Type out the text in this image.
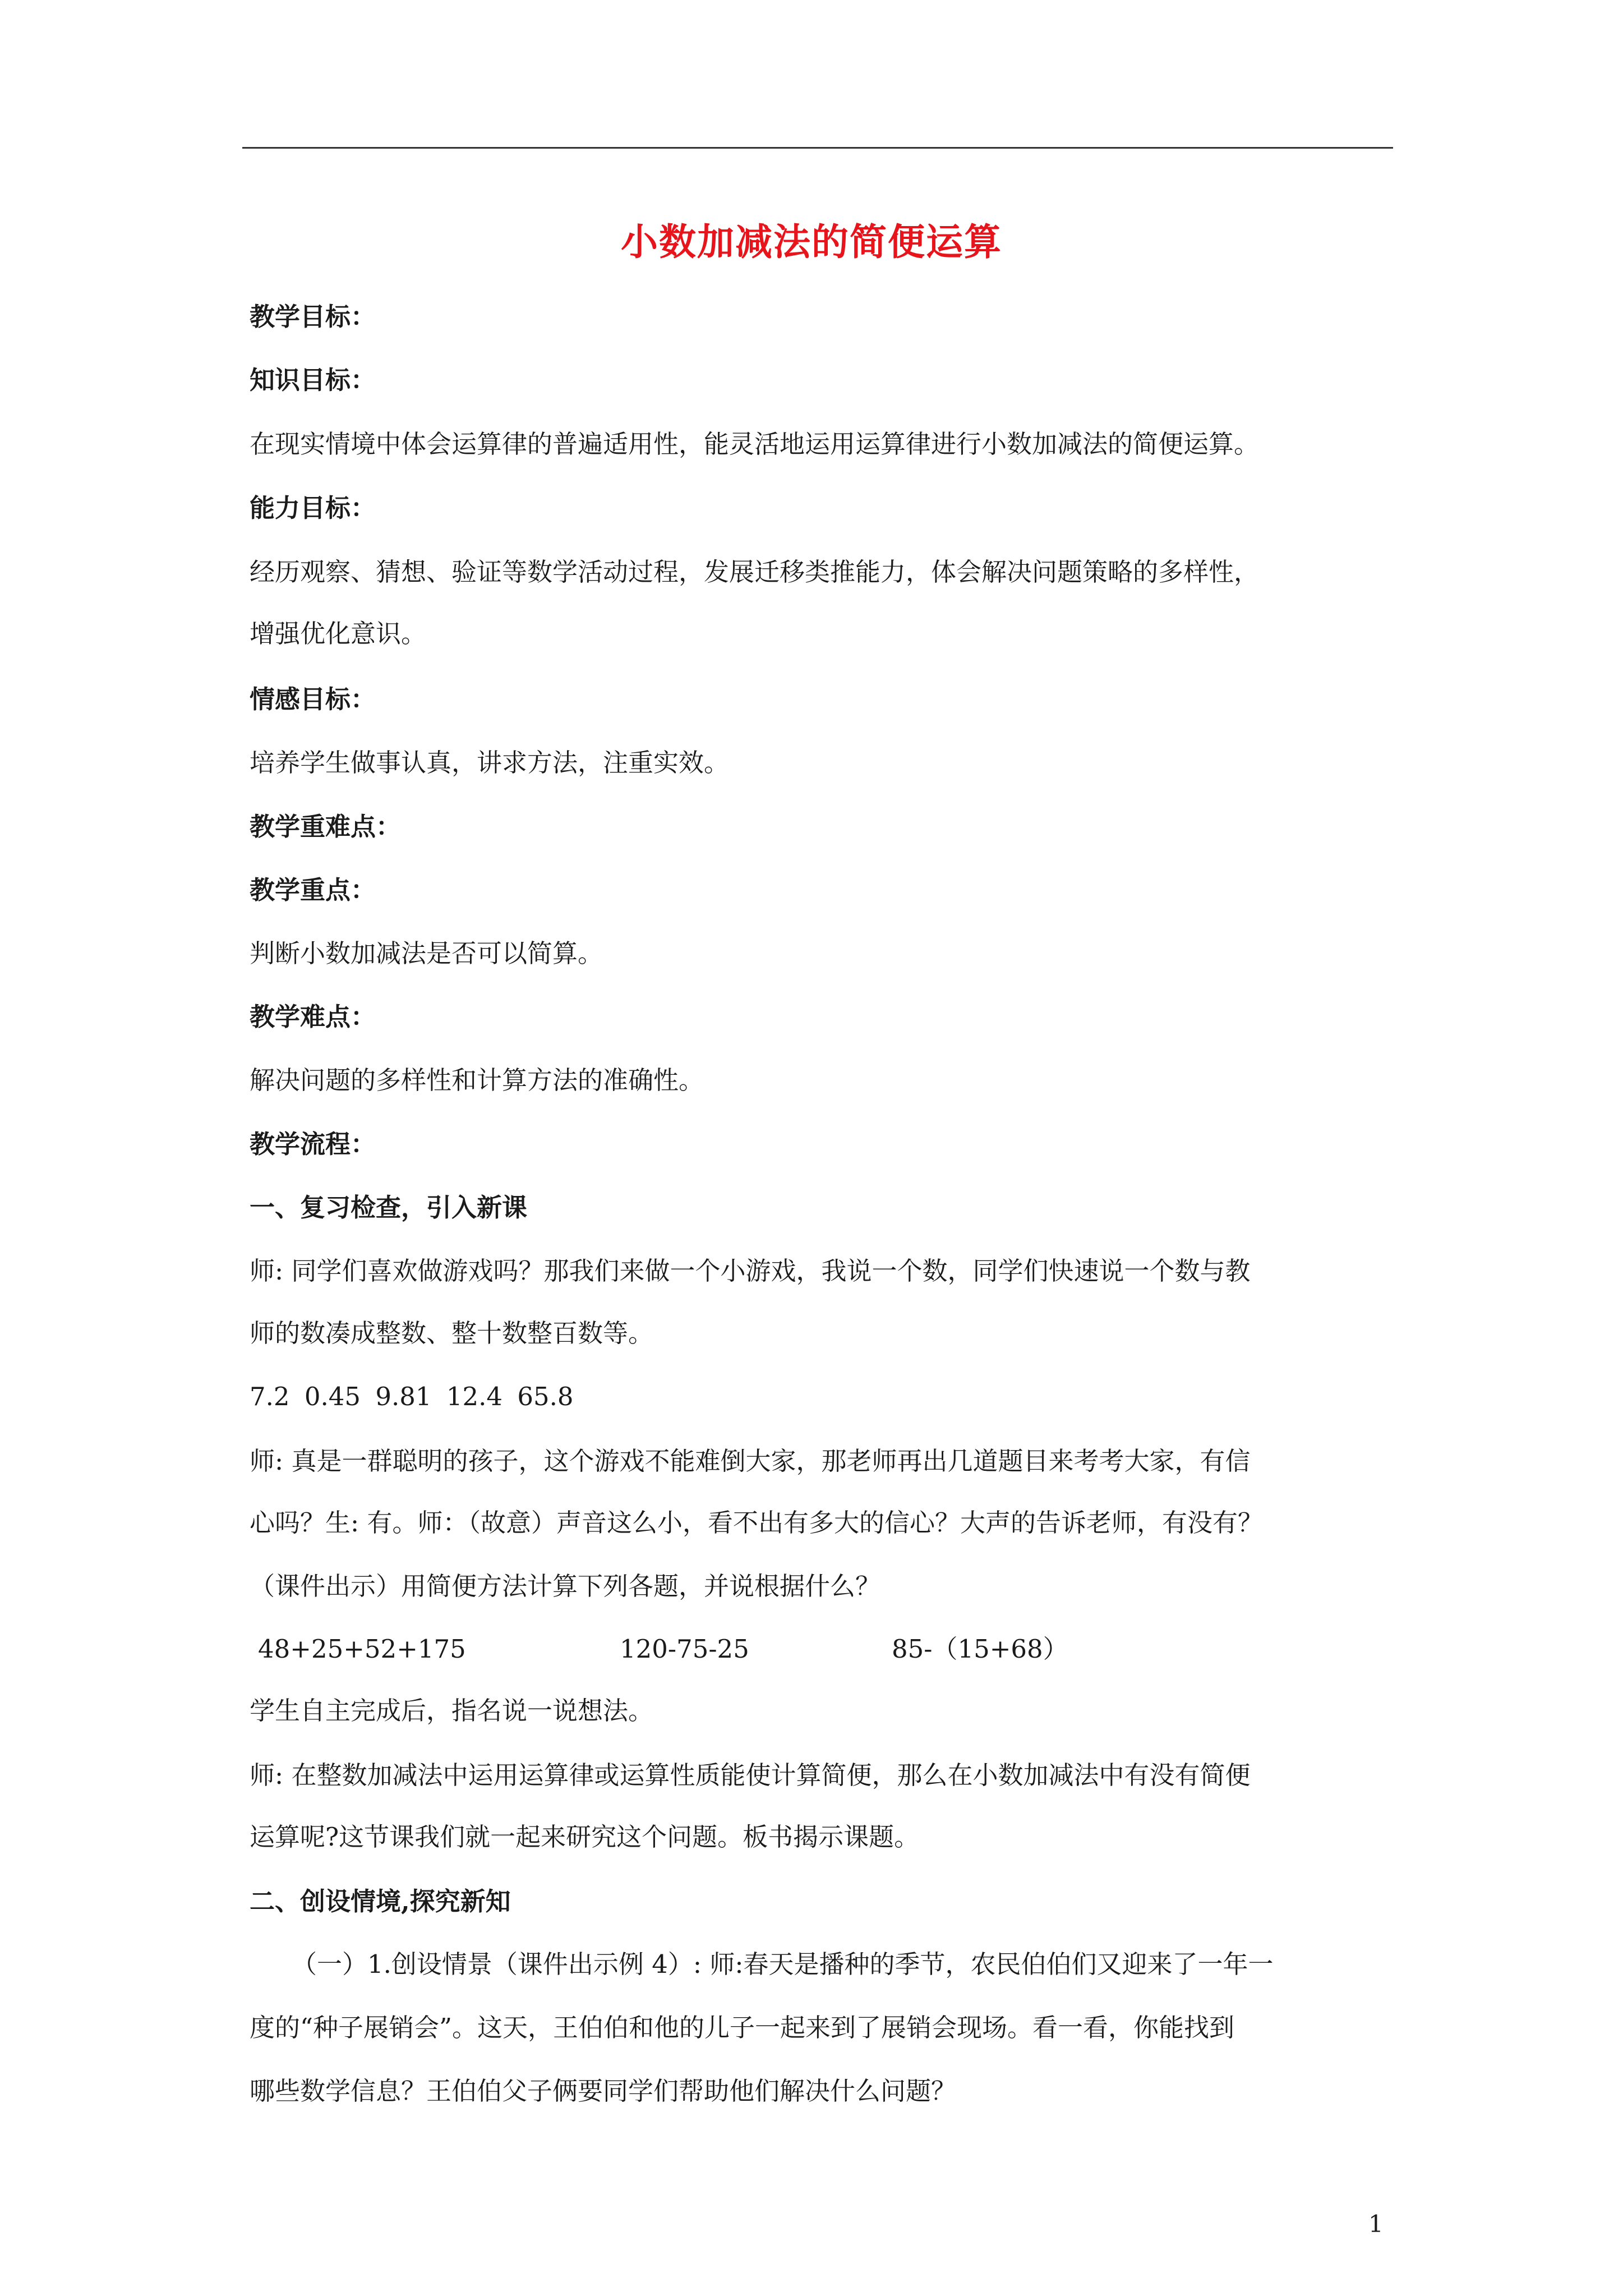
小数加减法的简便运算
教学目标：
知识目标：
在现实情境中体会运算律的普遍适用性，能灵活地运用运算律进行小数加减法的简便运算。
能力目标：
经历观察、猜想、验证等数学活动过程，发展迁移类推能力，体会解决问题策略的多样性，
增强优化意识。
情感目标：
培养学生做事认真，讲求方法，注重实效。
教学重难点：
教学重点：
判断小数加减法是否可以简算。
教学难点：
解决问题的多样性和计算方法的准确性。
教学流程：
一、复习检查，引入新课
师: 同学们喜欢做游戏吗？那我们来做一个小游戏，我说一个数，同学们快速说一个数与教
师的数凑成整数、整十数整百数等。
7.2 0.45 9.81 12.4 65.8
师: 真是一群聪明的孩子，这个游戏不能难倒大家，那老师再出几道题目来考考大家，有信
心吗？生: 有。师：（故意）声音这么小，看不出有多大的信心？大声的告诉老师，有没有？
（课件出示）用简便方法计算下列各题，并说根据什么？
48+25+52+175	120-75-25	85-（15+68）
学生自主完成后，指名说一说想法。
师: 在整数加减法中运用运算律或运算性质能使计算简便，那么在小数加减法中有没有简便
运算呢?这节课我们就一起来研究这个问题。板书揭示课题。
二、创设情境,探究新知
（一）1.创设情景（课件出示例 4）: 师:春天是播种的季节，农民伯伯们又迎来了一年一
度的“种子展销会”。这天，王伯伯和他的儿子一起来到了展销会现场。看一看，你能找到
哪些数学信息？王伯伯父子俩要同学们帮助他们解决什么问题？
1
